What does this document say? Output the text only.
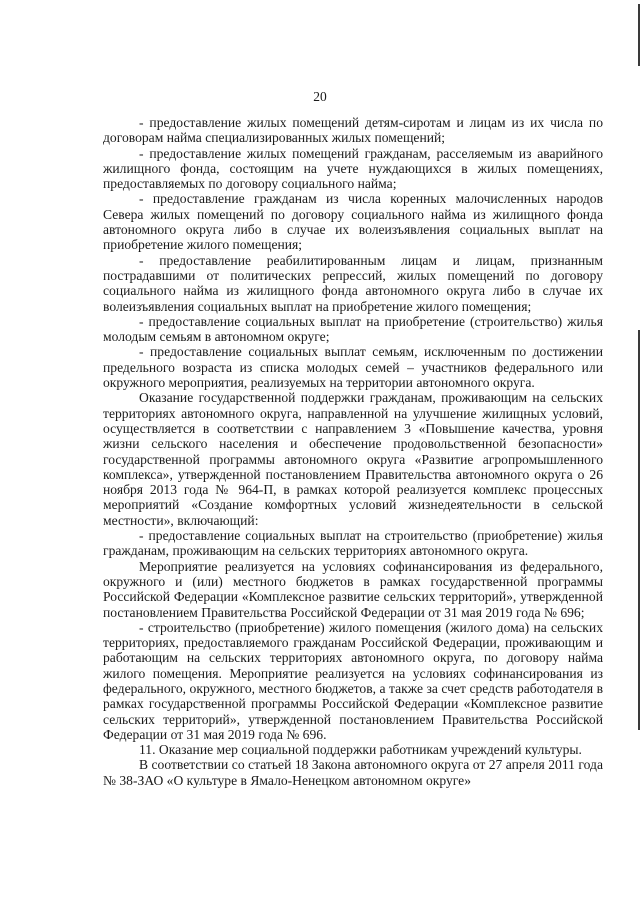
20

- предоставление жилых помещений детям-сиротам и лицам из их числа по договорам найма специализированных жилых помещений;

- предоставление жилых помещений гражданам, расселяемым из аварийного жилищного фонда, состоящим на учете нуждающихся в жилых помещениях, предоставляемых по договору социального найма;

- предоставление гражданам из числа коренных малочисленных народов Севера жилых помещений по договору социального найма из жилищного фонда автономного округа либо в случае их волеизъявления социальных выплат на приобретение жилого помещения;

- предоставление реабилитированным лицам и лицам, признанным пострадавшими от политических репрессий, жилых помещений по договору социального найма из жилищного фонда автономного округа либо в случае их волеизъявления социальных выплат на приобретение жилого помещения;

- предоставление социальных выплат на приобретение (строительство) жилья молодым семьям в автономном округе;

- предоставление социальных выплат семьям, исключенным по достижении предельного возраста из списка молодых семей – участников федерального или окружного мероприятия, реализуемых на территории автономного округа.

Оказание государственной поддержки гражданам, проживающим на сельских территориях автономного округа, направленной на улучшение жилищных условий, осуществляется в соответствии с направлением 3 «Повышение качества, уровня жизни сельского населения и обеспечение продовольственной безопасности» государственной программы автономного округа «Развитие агропромышленного комплекса», утвержденной постановлением Правительства автономного округа о 26 ноября 2013 года № 964-П, в рамках которой реализуется комплекс процессных мероприятий «Создание комфортных условий жизнедеятельности в сельской местности», включающий:

- предоставление социальных выплат на строительство (приобретение) жилья гражданам, проживающим на сельских территориях автономного округа.

Мероприятие реализуется на условиях софинансирования из федерального, окружного и (или) местного бюджетов в рамках государственной программы Российской Федерации «Комплексное развитие сельских территорий», утвержденной постановлением Правительства Российской Федерации от 31 мая 2019 года № 696;

- строительство (приобретение) жилого помещения (жилого дома) на сельских территориях, предоставляемого гражданам Российской Федерации, проживающим и работающим на сельских территориях автономного округа, по договору найма жилого помещения. Мероприятие реализуется на условиях софинансирования из федерального, окружного, местного бюджетов, а также за счет средств работодателя в рамках государственной программы Российской Федерации «Комплексное развитие сельских территорий», утвержденной постановлением Правительства Российской Федерации от 31 мая 2019 года № 696.

11. Оказание мер социальной поддержки работникам учреждений культуры.

В соответствии со статьей 18 Закона автономного округа от 27 апреля 2011 года № 38-ЗАО «О культуре в Ямало-Ненецком автономном округе»
